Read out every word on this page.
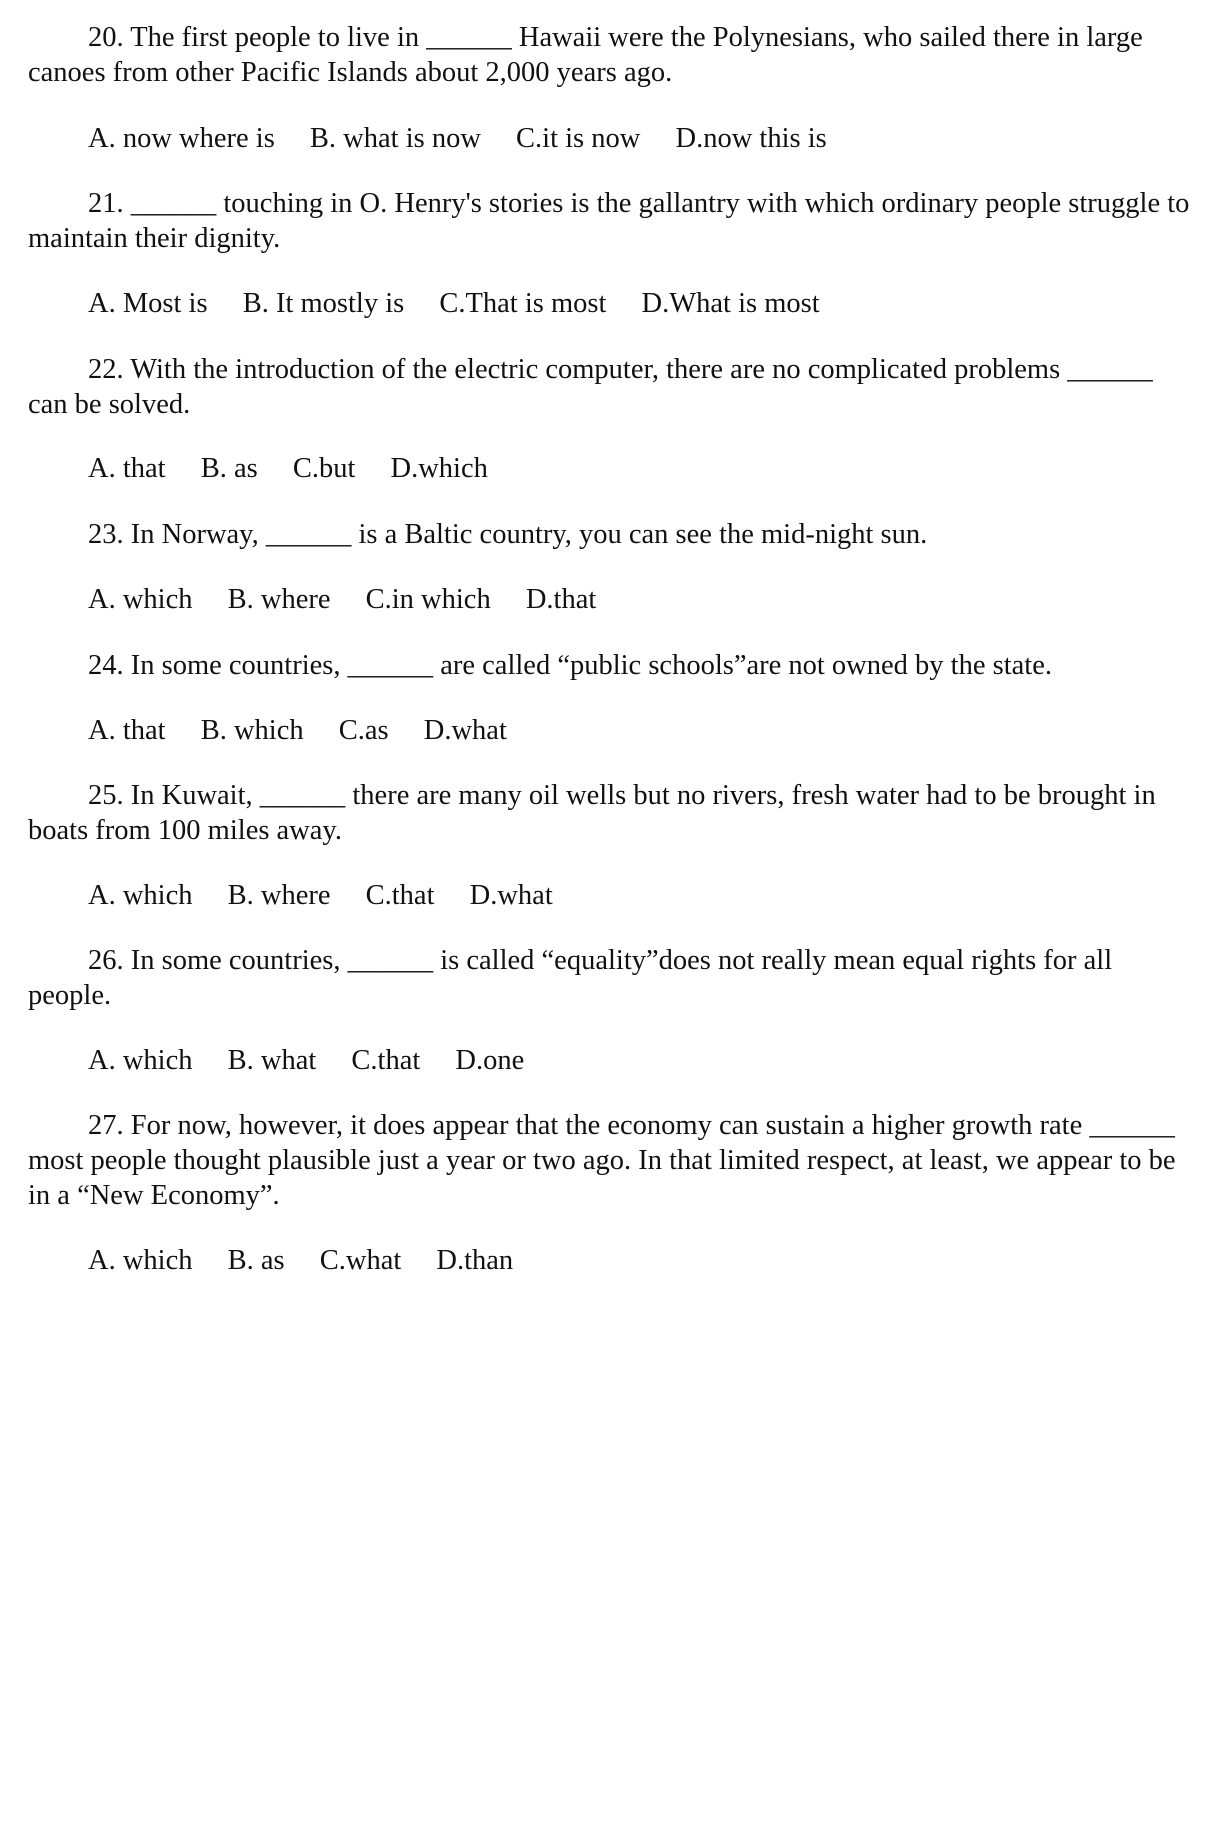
20. The first people to live in ______ Hawaii were the Polynesians, who sailed there in large canoes from other Pacific Islands about 2,000 years ago.

A. now where is B. what is now C.it is now D.now this is

21. ______ touching in O. Henry's stories is the gallantry with which ordinary people struggle to maintain their dignity.

A. Most is B. It mostly is C.That is most D.What is most

22. With the introduction of the electric computer, there are no complicated problems ______ can be solved.

A. that B. as C.but D.which

23. In Norway, ______ is a Baltic country, you can see the mid-night sun.

A. which B. where C.in which D.that

24. In some countries, ______ are called “public schools”are not owned by the state.

A. that B. which C.as D.what

25. In Kuwait, ______ there are many oil wells but no rivers, fresh water had to be brought in boats from 100 miles away.

A. which B. where C.that D.what

26. In some countries, ______ is called “equality”does not really mean equal rights for all people.

A. which B. what C.that D.one

27. For now, however, it does appear that the economy can sustain a higher growth rate ______ most people thought plausible just a year or two ago. In that limited respect, at least, we appear to be in a “New Economy”.

A. which B. as C.what D.than
